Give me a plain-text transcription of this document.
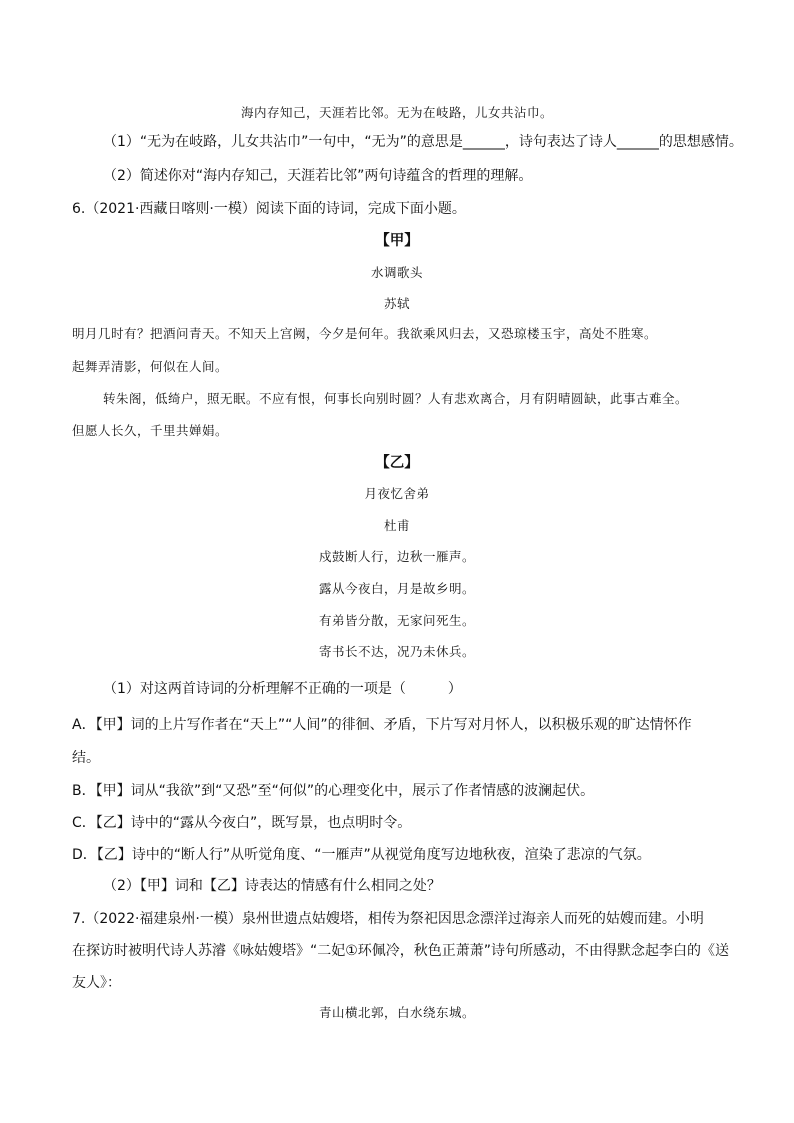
海内存知己，天涯若比邻。无为在岐路，儿女共沾巾。
（1）“无为在岐路，儿女共沾巾”一句中，“无为”的意思是______，诗句表达了诗人______的思想感情。
（2）简述你对“海内存知己，天涯若比邻”两句诗蕴含的哲理的理解。
6.（2021·西藏日喀则·一模）阅读下面的诗词，完成下面小题。
【甲】
水调歌头
苏轼
明月几时有？把酒问青天。不知天上宫阙，今夕是何年。我欲乘风归去，又恐琼楼玉宇，高处不胜寒。
起舞弄清影，何似在人间。
转朱阁，低绮户，照无眠。不应有恨，何事长向别时圆？人有悲欢离合，月有阴晴圆缺，此事古难全。
但愿人长久，千里共婵娟。
【乙】
月夜忆舍弟
杜甫
戍鼓断人行，边秋一雁声。
露从今夜白，月是故乡明。
有弟皆分散，无家问死生。
寄书长不达，况乃未休兵。
（1）对这两首诗词的分析理解不正确的一项是（　　　）
A．【甲】词的上片写作者在“天上”“人间”的徘徊、矛盾，下片写对月怀人，以积极乐观的旷达情怀作
结。
B．【甲】词从“我欲”到“又恐”至“何似”的心理变化中，展示了作者情感的波澜起伏。
C．【乙】诗中的“露从今夜白”，既写景，也点明时令。
D．【乙】诗中的“断人行”从听觉角度、“一雁声”从视觉角度写边地秋夜，渲染了悲凉的气氛。
（2）【甲】词和【乙】诗表达的情感有什么相同之处？
7.（2022·福建泉州·一模）泉州世遗点姑嫂塔，相传为祭祀因思念漂洋过海亲人而死的姑嫂而建。小明
在探访时被明代诗人苏濬《咏姑嫂塔》“二妃①环佩冷，秋色正萧萧”诗句所感动，不由得默念起李白的《送
友人》：
青山横北郭，白水绕东城。
